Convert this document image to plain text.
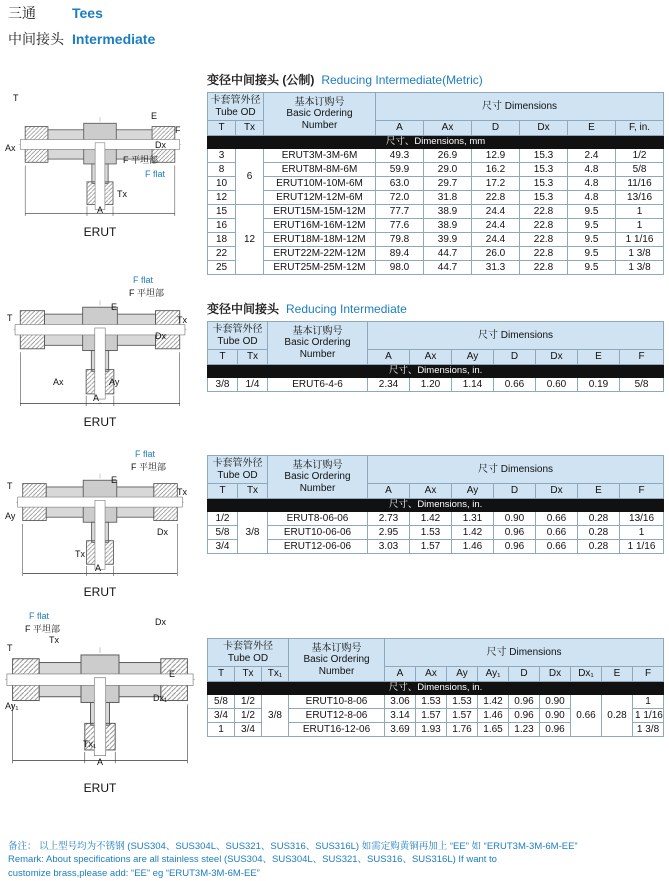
三通	Tees
中间接头 Intermediate
T
Ax
E
F
Dx
F 平坦部
F flat
Tx
A
ERUT
F flat
F 平坦部
E
T	Tx
Dx
Ax	Ay
A
ERUT
F flat
F 平坦部
E
T
Tx
Ay
Dx
Tx
A
ERUT
F flat
F 平坦部
Dx
T
Tx
E
Dx₁
Ay₁
Tx₁
A
ERUT
变径中间接头 (公制) Reducing Intermediate(Metric)
卡套管外径
Tube OD		基本订购号
Basic Ordering
Number	尺寸 Dimensions					
T	Tx		A	Ax	D	Dx	E	F, in.
尺寸、Dimensions, mm								
3	6	ERUT3M-3M-6M	49.3	26.9	12.9	15.3	2.4	1/2
8		ERUT8M-8M-6M	59.9	29.0	16.2	15.3	4.8	5/8
10		ERUT10M-10M-6M	63.0	29.7	17.2	15.3	4.8	11/16
12		ERUT12M-12M-6M	72.0	31.8	22.8	15.3	4.8	13/16
15	12	ERUT15M-15M-12M	77.7	38.9	24.4	22.8	9.5	1
16		ERUT16M-16M-12M	77.6	38.9	24.4	22.8	9.5	1
18		ERUT18M-18M-12M	79.8	39.9	24.4	22.8	9.5	1 1/16
22		ERUT22M-22M-12M	89.4	44.7	26.0	22.8	9.5	1 3/8
25		ERUT25M-25M-12M	98.0	44.7	31.3	22.8	9.5	1 3/8
变径中间接头 Reducing Intermediate
卡套管外径
Tube OD		基本订购号
Basic Ordering
Number	尺寸 Dimensions						
T	Tx		A	Ax	Ay	D	Dx	E	F
尺寸、Dimensions, in.									
3/8	1/4	ERUT6-4-6	2.34	1.20	1.14	0.66	0.60	0.19	5/8
卡套管外径
Tube OD		基本订购号
Basic Ordering
Number	尺寸 Dimensions						
T	Tx		A	Ax	Ay	D	Dx	E	F
尺寸、Dimensions, in.									
1/2	3/8	ERUT8-06-06	2.73	1.42	1.31	0.90	0.66	0.28	13/16
5/8		ERUT10-06-06	2.95	1.53	1.42	0.96	0.66	0.28	1
3/4		ERUT12-06-06	3.03	1.57	1.46	0.96	0.66	0.28	1 1/16
卡套管外径
Tube OD			基本订购号
Basic Ordering
Number	尺寸 Dimensions								
T	Tx	Tx₁		A	Ax	Ay	Ay₁	D	Dx	Dx₁	E	F
尺寸、Dimensions, in.												
5/8	1/2	3/8	ERUT10-8-06	3.06	1.53	1.53	1.42	0.96	0.90	0.66	0.28	1
3/4	1/2		ERUT12-8-06	3.14	1.57	1.57	1.46	0.96	0.90			1 1/16
1	3/4		ERUT16-12-06	3.69	1.93	1.76	1.65	1.23	0.96			1 3/8
备注： 以上型号均为不锈钢 (SUS304、SUS304L、SUS321、SUS316、SUS316L) 如需定购黄铜再加上 “EE” 如 “ERUT3M-3M-6M-EE”
Remark: About specifications are all stainless steel (SUS304、SUS304L、SUS321、SUS316、SUS316L) If want to
customize brass,please add: “EE” eg “ERUT3M-3M-6M-EE”
